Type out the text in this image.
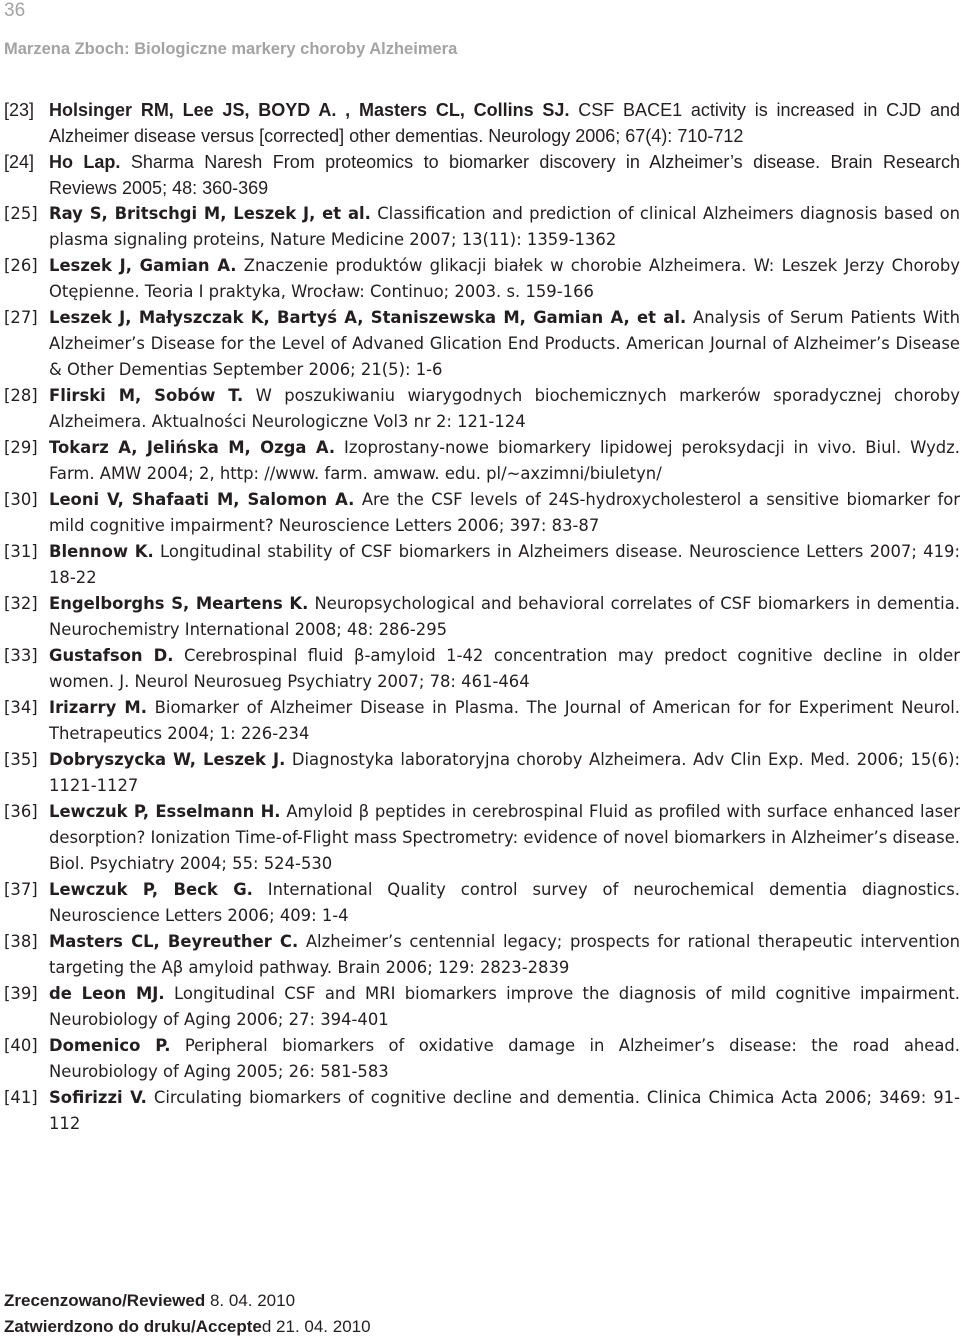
36
Marzena Zboch: Biologiczne markery choroby Alzheimera
[23] Holsinger RM, Lee JS, BOYD A. , Masters CL, Collins SJ. CSF BACE1 activity is increased in CJD and Alzheimer disease versus [corrected] other dementias. Neurology 2006; 67(4): 710-712
[24] Ho Lap. Sharma Naresh From proteomics to biomarker discovery in Alzheimer’s disease. Brain Research Reviews 2005; 48: 360-369
[25] Ray S, Britschgi M, Leszek J, et al. Classification and prediction of clinical Alzheimers diagnosis based on plasma signaling proteins, Nature Medicine 2007; 13(11): 1359-1362
[26] Leszek J, Gamian A. Znaczenie produktów glikacji białek w chorobie Alzheimera. W: Leszek Jerzy Choroby Otępienne. Teoria I praktyka, Wrocław: Continuo; 2003. s. 159-166
[27] Leszek J, Małyszczak K, Bartyś A, Staniszewska M, Gamian A, et al. Analysis of Serum Patients With Alzheimer’s Disease for the Level of Advaned Glication End Products. American Journal of Alzheimer’s Disease & Other Dementias September 2006; 21(5): 1-6
[28] Flirski M, Sobów T. W poszukiwaniu wiarygodnych biochemicznych markerów sporadycznej choroby Alzheimera. Aktualności Neurologiczne Vol3 nr 2: 121-124
[29] Tokarz A, Jelińska M, Ozga A. Izoprostany-nowe biomarkery lipidowej peroksydacji in vivo. Biul. Wydz. Farm. AMW 2004; 2, http: //www. farm. amwaw. edu. pl/~axzimni/biuletyn/
[30] Leoni V, Shafaati M, Salomon A. Are the CSF levels of 24S-hydroxycholesterol a sensitive biomarker for mild cognitive impairment? Neuroscience Letters 2006; 397: 83-87
[31] Blennow K. Longitudinal stability of CSF biomarkers in Alzheimers disease. Neuroscience Letters 2007; 419: 18-22
[32] Engelborghs S, Meartens K. Neuropsychological and behavioral correlates of CSF biomarkers in dementia. Neurochemistry International 2008; 48: 286-295
[33] Gustafson D. Cerebrospinal fluid β-amyloid 1-42 concentration may predoct cognitive decline in older women. J. Neurol Neurosueg Psychiatry 2007; 78: 461-464
[34] Irizarry M. Biomarker of Alzheimer Disease in Plasma. The Journal of American for for Experiment Neurol. Thetrapeutics 2004; 1: 226-234
[35] Dobryszycka W, Leszek J. Diagnostyka laboratoryjna choroby Alzheimera. Adv Clin Exp. Med. 2006; 15(6): 1121-1127
[36] Lewczuk P, Esselmann H. Amyloid β peptides in cerebrospinal Fluid as profiled with surface enhanced laser desorption? Ionization Time-of-Flight mass Spectrometry: evidence of novel biomarkers in Alzheimer’s disease. Biol. Psychiatry 2004; 55: 524-530
[37] Lewczuk P, Beck G. International Quality control survey of neurochemical dementia diagnostics. Neuroscience Letters 2006; 409: 1-4
[38] Masters CL, Beyreuther C. Alzheimer’s centennial legacy; prospects for rational therapeutic intervention targeting the Aβ amyloid pathway. Brain 2006; 129: 2823-2839
[39] de Leon MJ. Longitudinal CSF and MRI biomarkers improve the diagnosis of mild cognitive impairment. Neurobiology of Aging 2006; 27: 394-401
[40] Domenico P. Peripheral biomarkers of oxidative damage in Alzheimer’s disease: the road ahead. Neurobiology of Aging 2005; 26: 581-583
[41] Sofirizzi V. Circulating biomarkers of cognitive decline and dementia. Clinica Chimica Acta 2006; 3469: 91-112
Zrecenzowano/Reviewed 8. 04. 2010
Zatwierdzono do druku/Accepted 21. 04. 2010
